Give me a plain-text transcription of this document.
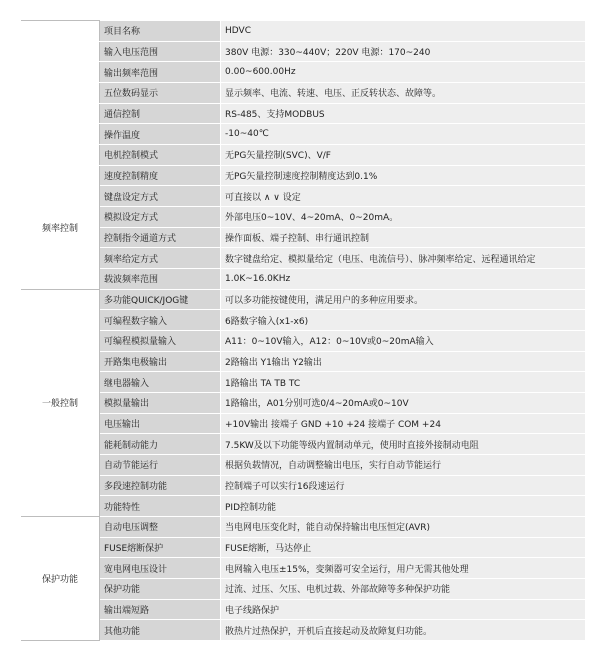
	项目名称	HDVC
	输入电压范围	380V 电源：330~440V；220V 电源：170~240
	输出频率范围	0.00~600.00Hz
	五位数码显示	显示频率、电流、转速、电压、正反转状态、故障等。
	通信控制	RS-485、支持MODBUS
	操作温度	-10~40℃
	电机控制模式	无PG矢量控制(SVC)、V/F
频率控制	速度控制精度	无PG矢量控制速度控制精度达到0.1%
	键盘设定方式	可直接以 ∧ ∨ 设定
	模拟设定方式	外部电压0~10V、4~20mA、0~20mA。
	控制指令通道方式	操作面板、端子控制、串行通讯控制
	频率给定方式	数字键盘给定、模拟量给定（电压、电流信号）、脉冲频率给定、远程通讯给定
	载波频率范围	1.0K~16.0KHz
一般控制	多功能QUICK/JOG键	可以多功能按键使用，满足用户的多种应用要求。
	可编程数字输入	6路数字输入(x1-x6)
	可编程模拟量输入	A11：0~10V输入，A12：0~10V或0~20mA输入
	开路集电极输出	2路输出 Y1输出 Y2输出
	继电器输入	1路输出 TA TB TC
	模拟量输出	1路输出，A01分别可选0/4~20mA或0~10V
	电压输出	+10V输出 接端子 GND +10 +24 接端子 COM +24
	能耗制动能力	7.5KW及以下功能等级内置制动单元，使用时直接外接制动电阻
	自动节能运行	根据负载情况，自动调整输出电压，实行自动节能运行
	多段速控制功能	控制端子可以实行16段速运行
	功能特性	PID控制功能
保护功能	自动电压调整	当电网电压变化时，能自动保持输出电压恒定(AVR)
	FUSE熔断保护	FUSE熔断，马达停止
	宽电网电压设计	电网输入电压±15%，变频器可安全运行，用户无需其他处理
	保护功能	过流、过压、欠压、电机过载、外部故障等多种保护功能
	输出端短路	电子线路保护
	其他功能	散热片过热保护，开机后直接起动及故障复归功能。
